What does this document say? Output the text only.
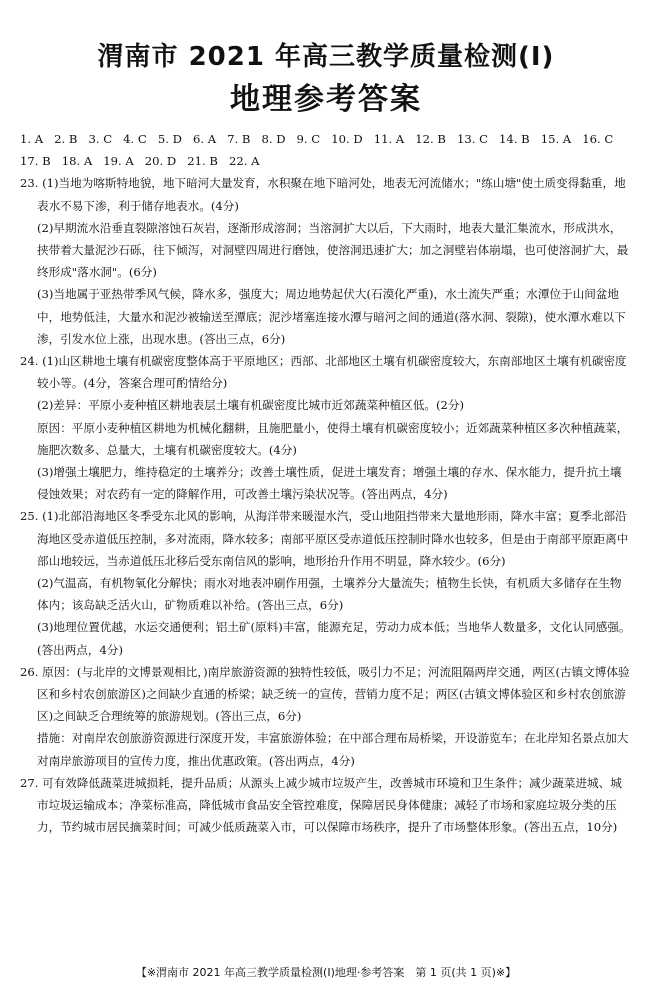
渭南市 2021 年高三教学质量检测(Ⅰ)
地理参考答案
1. A   2. B   3. C   4. C   5. D   6. A   7. B   8. D   9. C   10. D   11. A   12. B   13. C   14. B   15. A   16. C
17. B   18. A   19. A   20. D   21. B   22. A
23. (1)当地为喀斯特地貌，地下暗河大量发育，水积聚在地下暗河处，地表无河流储水；"练山塘"使土质变得黏重，地表水不易下渗，利于储存地表水。(4分)
(2)早期流水沿垂直裂隙溶蚀石灰岩，逐渐形成溶洞；当溶洞扩大以后，下大雨时，地表大量汇集流水，形成洪水，挟带着大量泥沙石砾，往下倾泻，对洞壁四周进行磨蚀，使溶洞迅速扩大；加之洞壁岩体崩塌，也可使溶洞扩大，最终形成"落水洞"。(6分)
(3)当地属于亚热带季风气候，降水多，强度大；周边地势起伏大(石漠化严重)，水土流失严重；水潭位于山间盆地中，地势低洼，大量水和泥沙被输送至潭底；泥沙堵塞连接水潭与暗河之间的通道(落水洞、裂隙)，使水潭水难以下渗，引发水位上涨，出现水患。(答出三点，6分)
24. (1)山区耕地土壤有机碳密度整体高于平原地区；西部、北部地区土壤有机碳密度较大，东南部地区土壤有机碳密度较小等。(4分，答案合理可酌情给分)
(2)差异：平原小麦种植区耕地表层土壤有机碳密度比城市近郊蔬菜种植区低。(2分)
原因：平原小麦种植区耕地为机械化翻耕，且施肥量小，使得土壤有机碳密度较小；近郊蔬菜种植区多次种植蔬菜，施肥次数多、总量大，土壤有机碳密度较大。(4分)
(3)增强土壤肥力，维持稳定的土壤养分；改善土壤性质，促进土壤发育；增强土壤的存水、保水能力，提升抗土壤侵蚀效果；对农药有一定的降解作用，可改善土壤污染状况等。(答出两点，4分)
25. (1)北部沿海地区冬季受东北风的影响，从海洋带来暖湿水汽，受山地阻挡带来大量地形雨，降水丰富；夏季北部沿海地区受赤道低压控制，多对流雨，降水较多；南部平原区受赤道低压控制时降水也较多，但是由于南部平原距离中部山地较远，当赤道低压北移后受东南信风的影响，地形抬升作用不明显，降水较少。(6分)
(2)气温高，有机物氧化分解快；雨水对地表冲刷作用强，土壤养分大量流失；植物生长快，有机质大多储存在生物体内；该岛缺乏活火山，矿物质难以补给。(答出三点，6分)
(3)地理位置优越，水运交通便利；铝土矿(原料)丰富，能源充足，劳动力成本低；当地华人数量多，文化认同感强。(答出两点，4分)
26. 原因：(与北岸的文博景观相比，)南岸旅游资源的独特性较低，吸引力不足；河流阻隔两岸交通，两区(古镇文博体验区和乡村农创旅游区)之间缺少直通的桥梁；缺乏统一的宣传，营销力度不足；两区(古镇文博体验区和乡村农创旅游区)之间缺乏合理统筹的旅游规划。(答出三点，6分)
措施：对南岸农创旅游资源进行深度开发，丰富旅游体验；在中部合理布局桥梁，开设游览车；在北岸知名景点加大对南岸旅游项目的宣传力度，推出优惠政策。(答出两点，4分)
27. 可有效降低蔬菜进城损耗，提升品质；从源头上减少城市垃圾产生，改善城市环境和卫生条件；减少蔬菜进城、城市垃圾运输成本；净菜标准高，降低城市食品安全管控难度，保障居民身体健康；减轻了市场和家庭垃圾分类的压力，节约城市居民摘菜时间；可减少低质蔬菜入市，可以保障市场秩序，提升了市场整体形象。(答出五点，10分)
【※渭南市 2021 年高三教学质量检测(Ⅰ)地理·参考答案　第 1 页(共 1 页)※】
